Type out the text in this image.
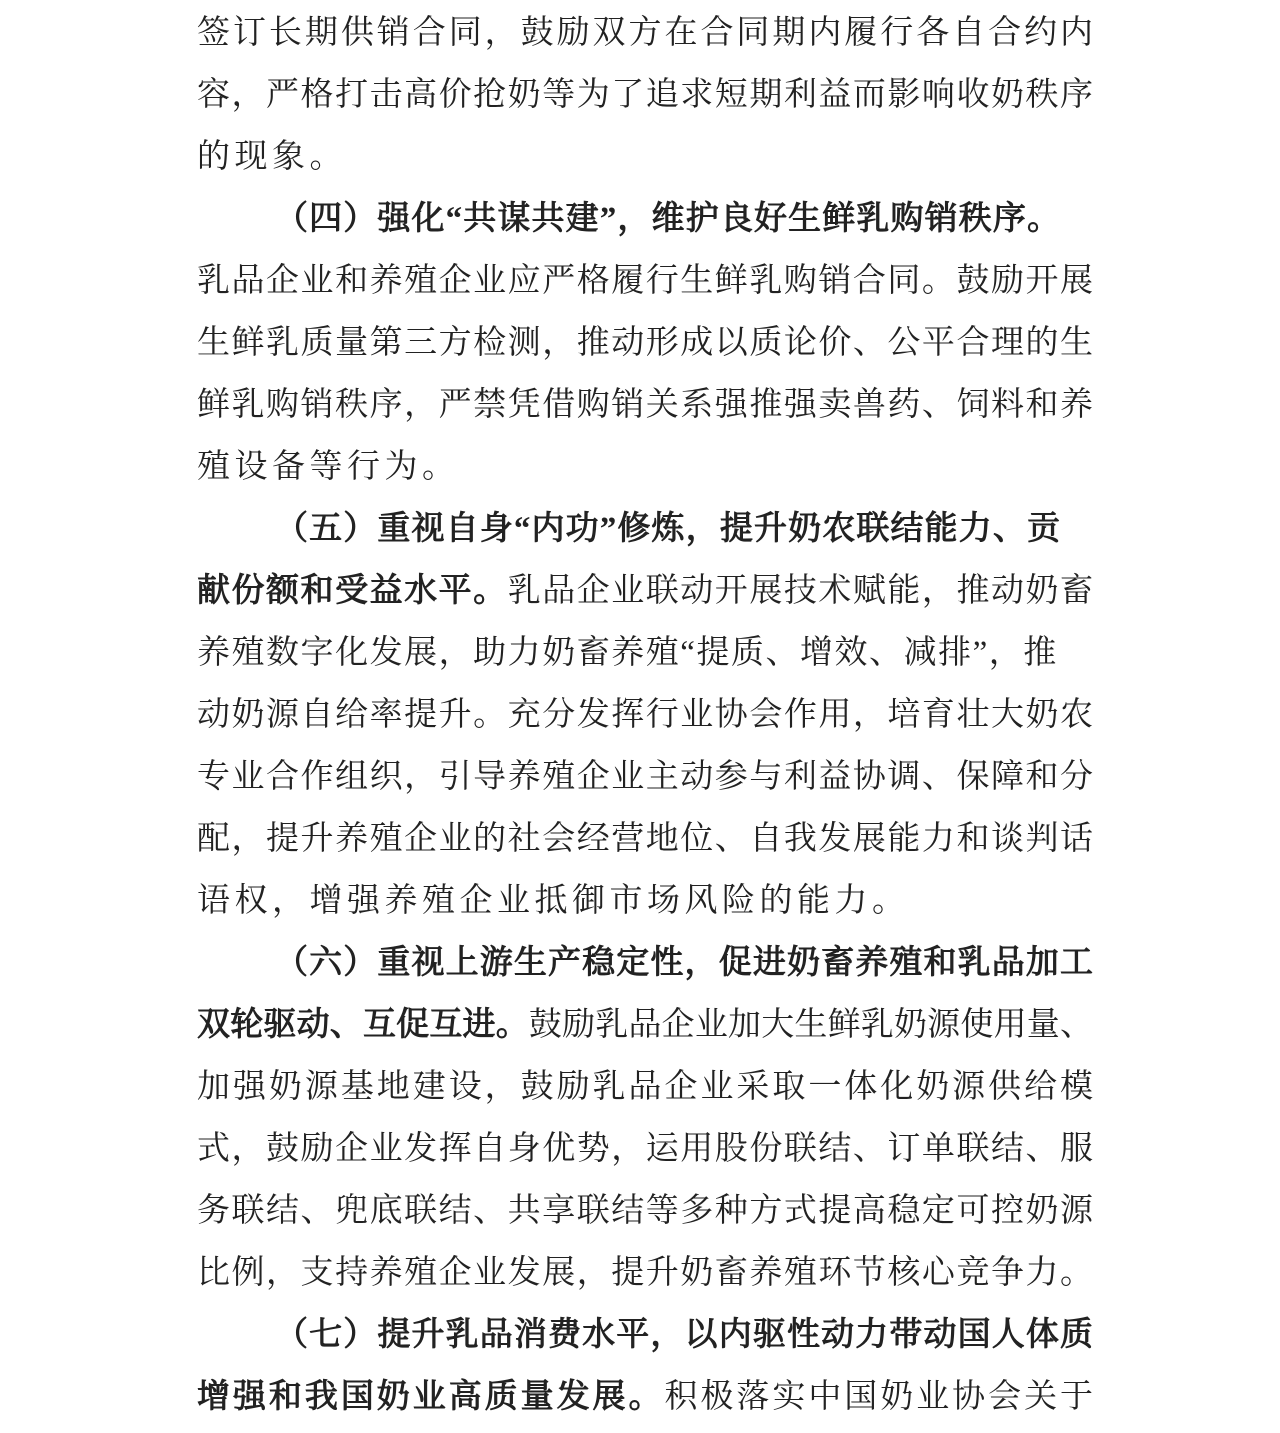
签订长期供销合同，鼓励双方在合同期内履行各自合约内
容，严格打击高价抢奶等为了追求短期利益而影响收奶秩序
的现象。
（四）强化“共谋共建”，维护良好生鲜乳购销秩序。
乳品企业和养殖企业应严格履行生鲜乳购销合同。鼓励开展
生鲜乳质量第三方检测，推动形成以质论价、公平合理的生
鲜乳购销秩序，严禁凭借购销关系强推强卖兽药、饲料和养
殖设备等行为。
（五）重视自身“内功”修炼，提升奶农联结能力、贡
献份额和受益水平。乳品企业联动开展技术赋能，推动奶畜
养殖数字化发展，助力奶畜养殖“提质、增效、减排”，推
动奶源自给率提升。充分发挥行业协会作用，培育壮大奶农
专业合作组织，引导养殖企业主动参与利益协调、保障和分
配，提升养殖企业的社会经营地位、自我发展能力和谈判话
语权，增强养殖企业抵御市场风险的能力。
（六）重视上游生产稳定性，促进奶畜养殖和乳品加工
双轮驱动、互促互进。鼓励乳品企业加大生鲜乳奶源使用量、
加强奶源基地建设，鼓励乳品企业采取一体化奶源供给模
式，鼓励企业发挥自身优势，运用股份联结、订单联结、服
务联结、兜底联结、共享联结等多种方式提高稳定可控奶源
比例，支持养殖企业发展，提升奶畜养殖环节核心竞争力。
（七）提升乳品消费水平，以内驱性动力带动国人体质
增强和我国奶业高质量发展。积极落实中国奶业协会关于
